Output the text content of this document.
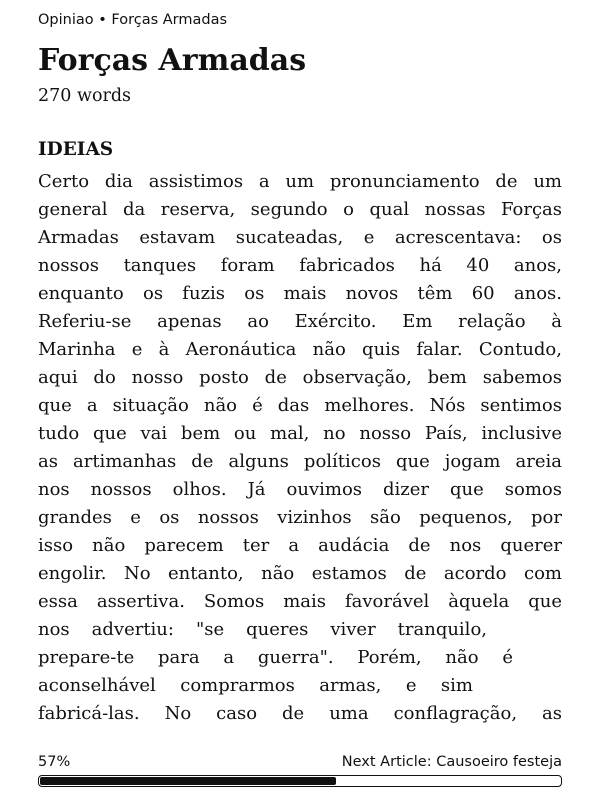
Opiniao • Forças Armadas
Forças Armadas
270 words
IDEIAS
Certo dia assistimos a um pronunciamento de um
general da reserva, segundo o qual nossas Forças
Armadas estavam sucateadas, e acrescentava: os
nossos tanques foram fabricados há 40 anos,
enquanto os fuzis os mais novos têm 60 anos.
Referiu-se apenas ao Exército. Em relação à
Marinha e à Aeronáutica não quis falar. Contudo,
aqui do nosso posto de observação, bem sabemos
que a situação não é das melhores. Nós sentimos
tudo que vai bem ou mal, no nosso País, inclusive
as artimanhas de alguns políticos que jogam areia
nos nossos olhos. Já ouvimos dizer que somos
grandes e os nossos vizinhos são pequenos, por
isso não parecem ter a audácia de nos querer
engolir. No entanto, não estamos de acordo com
essa assertiva. Somos mais favorável àquela que
nos advertiu: "se queres viver tranquilo,
prepare-te para a guerra". Porém, não é
aconselhável comprarmos armas, e sim
fabricá-las. No caso de uma conflagração, as
57%	Next Article: Causoeiro festeja
